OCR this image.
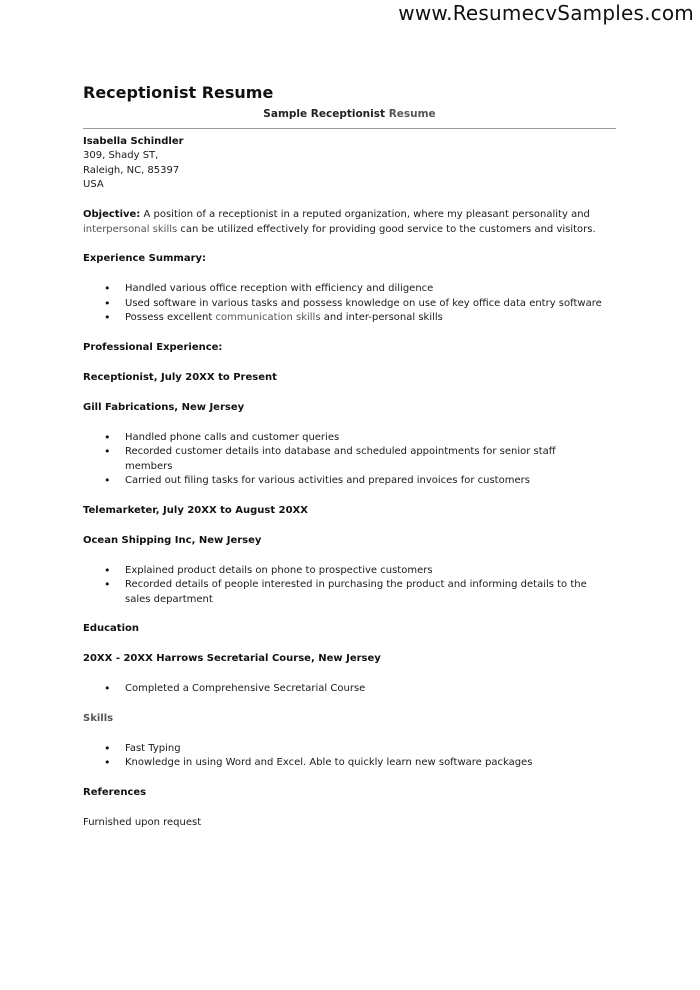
www.ResumecvSamples.com
Receptionist Resume
Sample Receptionist Resume
Isabella Schindler
309, Shady ST,
Raleigh, NC, 85397
USA
Objective: A position of a receptionist in a reputed organization, where my pleasant personality and interpersonal skills can be utilized effectively for providing good service to the customers and visitors.
Experience Summary:
• Handled various office reception with efficiency and diligence
• Used software in various tasks and possess knowledge on use of key office data entry software
• Possess excellent communication skills and inter-personal skills
Professional Experience:
Receptionist, July 20XX to Present
Gill Fabrications, New Jersey
• Handled phone calls and customer queries
• Recorded customer details into database and scheduled appointments for senior staff members
• Carried out filing tasks for various activities and prepared invoices for customers
Telemarketer, July 20XX to August 20XX
Ocean Shipping Inc, New Jersey
• Explained product details on phone to prospective customers
• Recorded details of people interested in purchasing the product and informing details to the sales department
Education
20XX - 20XX Harrows Secretarial Course, New Jersey
• Completed a Comprehensive Secretarial Course
Skills
• Fast Typing
• Knowledge in using Word and Excel. Able to quickly learn new software packages
References
Furnished upon request
